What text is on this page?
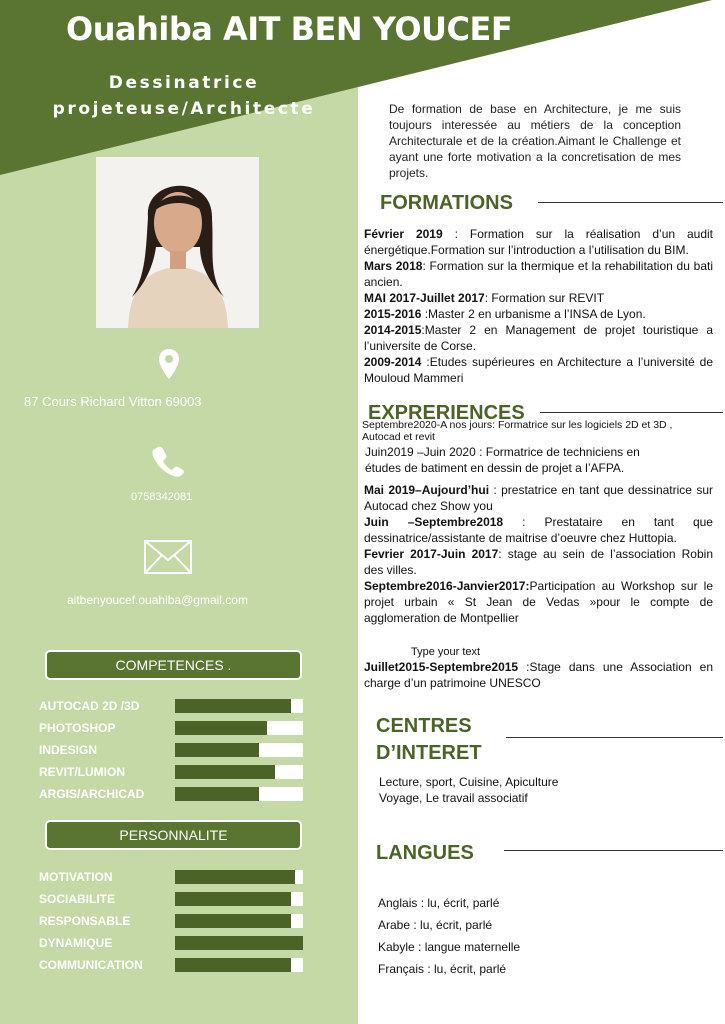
Ouahiba AIT BEN YOUCEF
Dessinatrice projeteuse/Architecte
87 Cours Richard Vitton 69003
0758342081
aitbenyoucef.ouahiba@gmail.com
COMPETENCES .
AUTOCAD 2D /3D
PHOTOSHOP
INDESIGN
REVIT/LUMION
ARGIS/ARCHICAD
PERSONNALITE
MOTIVATION
SOCIABILITE
RESPONSABLE
DYNAMIQUE
COMMUNICATION
De formation de base en Architecture, je me suis toujours interessée au métiers de la conception Architecturale et de la création.Aimant le Challenge et ayant une forte motivation a la concretisation de mes projets.
FORMATIONS

Février 2019 : Formation sur la réalisation d’un audit énergétique.Formation sur l’introduction a l’utilisation du BIM.

Mars 2018: Formation sur la thermique et la rehabilitation du bati ancien.

MAI 2017-Juillet 2017: Formation sur REVIT

2015-2016 :Master 2 en urbanisme a l’INSA de Lyon.

2014-2015:Master 2 en Management de projet touristique a l’universite de Corse.

2009-2014 :Etudes supérieures en Architecture a l’université de Mouloud Mammeri

EXPRERIENCES
Septembre2020-A nos jours: Formatrice sur les logiciels 2D et 3D , Autocad et revit
Juin2019 –Juin 2020 : Formatrice de techniciens en études de batiment en dessin de projet a l’AFPA.

Mai 2019–Aujourd’hui : prestatrice en tant que dessinatrice sur Autocad chez Show you

Juin –Septembre2018 : Prestataire en tant que dessinatrice/assistante de maitrise d’oeuvre chez Huttopia.

Fevrier 2017-Juin 2017: stage au sein de l’association Robin des villes.

Septembre2016-Janvier2017:Participation au Workshop sur le projet urbain « St Jean de Vedas »pour le compte de agglomeration de Montpellier

Type your text

Juillet2015-Septembre2015 :Stage dans une Association en charge d’un patrimoine UNESCO

CENTRES
D’INTERET
Lecture, sport, Cuisine, Apiculture
Voyage, Le travail associatif
LANGUES
Anglais : lu, écrit, parlé
Arabe : lu, écrit, parlé
Kabyle : langue maternelle
Français : lu, écrit, parlé
